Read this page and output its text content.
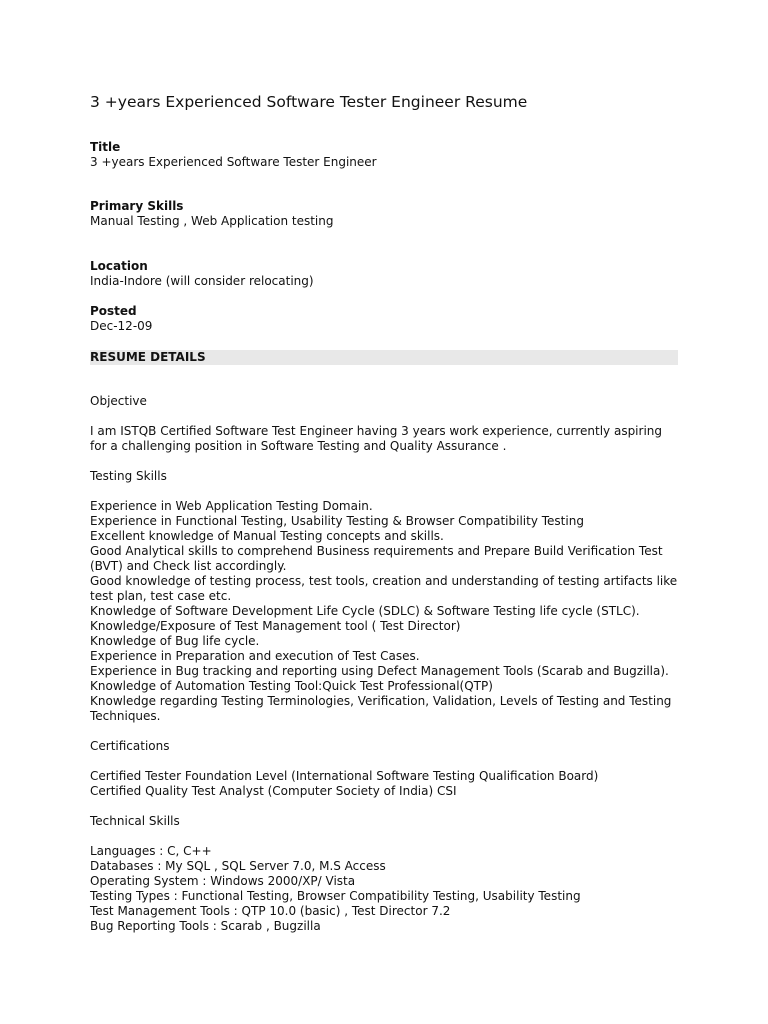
3 +years Experienced Software Tester Engineer Resume
Title
3 +years Experienced Software Tester Engineer
Primary Skills
Manual Testing , Web Application testing
Location
India-Indore (will consider relocating)
Posted
Dec-12-09
RESUME DETAILS

Objective

I am ISTQB Certified Software Test Engineer having 3 years work experience, currently aspiring

for a challenging position in Software Testing and Quality Assurance .

Testing Skills

Experience in Web Application Testing Domain.

Experience in Functional Testing, Usability Testing & Browser Compatibility Testing

Excellent knowledge of Manual Testing concepts and skills.

Good Analytical skills to comprehend Business requirements and Prepare Build Verification Test

(BVT) and Check list accordingly.

Good knowledge of testing process, test tools, creation and understanding of testing artifacts like

test plan, test case etc.

Knowledge of Software Development Life Cycle (SDLC) & Software Testing life cycle (STLC).

Knowledge/Exposure of Test Management tool ( Test Director)

Knowledge of Bug life cycle.

Experience in Preparation and execution of Test Cases.

Experience in Bug tracking and reporting using Defect Management Tools (Scarab and Bugzilla).

Knowledge of Automation Testing Tool:Quick Test Professional(QTP)

Knowledge regarding Testing Terminologies, Verification, Validation, Levels of Testing and Testing

Techniques.

Certifications

Certified Tester Foundation Level (International Software Testing Qualification Board)

Certified Quality Test Analyst (Computer Society of India) CSI

Technical Skills

Languages : C, C++

Databases : My SQL , SQL Server 7.0, M.S Access

Operating System : Windows 2000/XP/ Vista

Testing Types : Functional Testing, Browser Compatibility Testing, Usability Testing

Test Management Tools : QTP 10.0 (basic) , Test Director 7.2

Bug Reporting Tools : Scarab , Bugzilla
